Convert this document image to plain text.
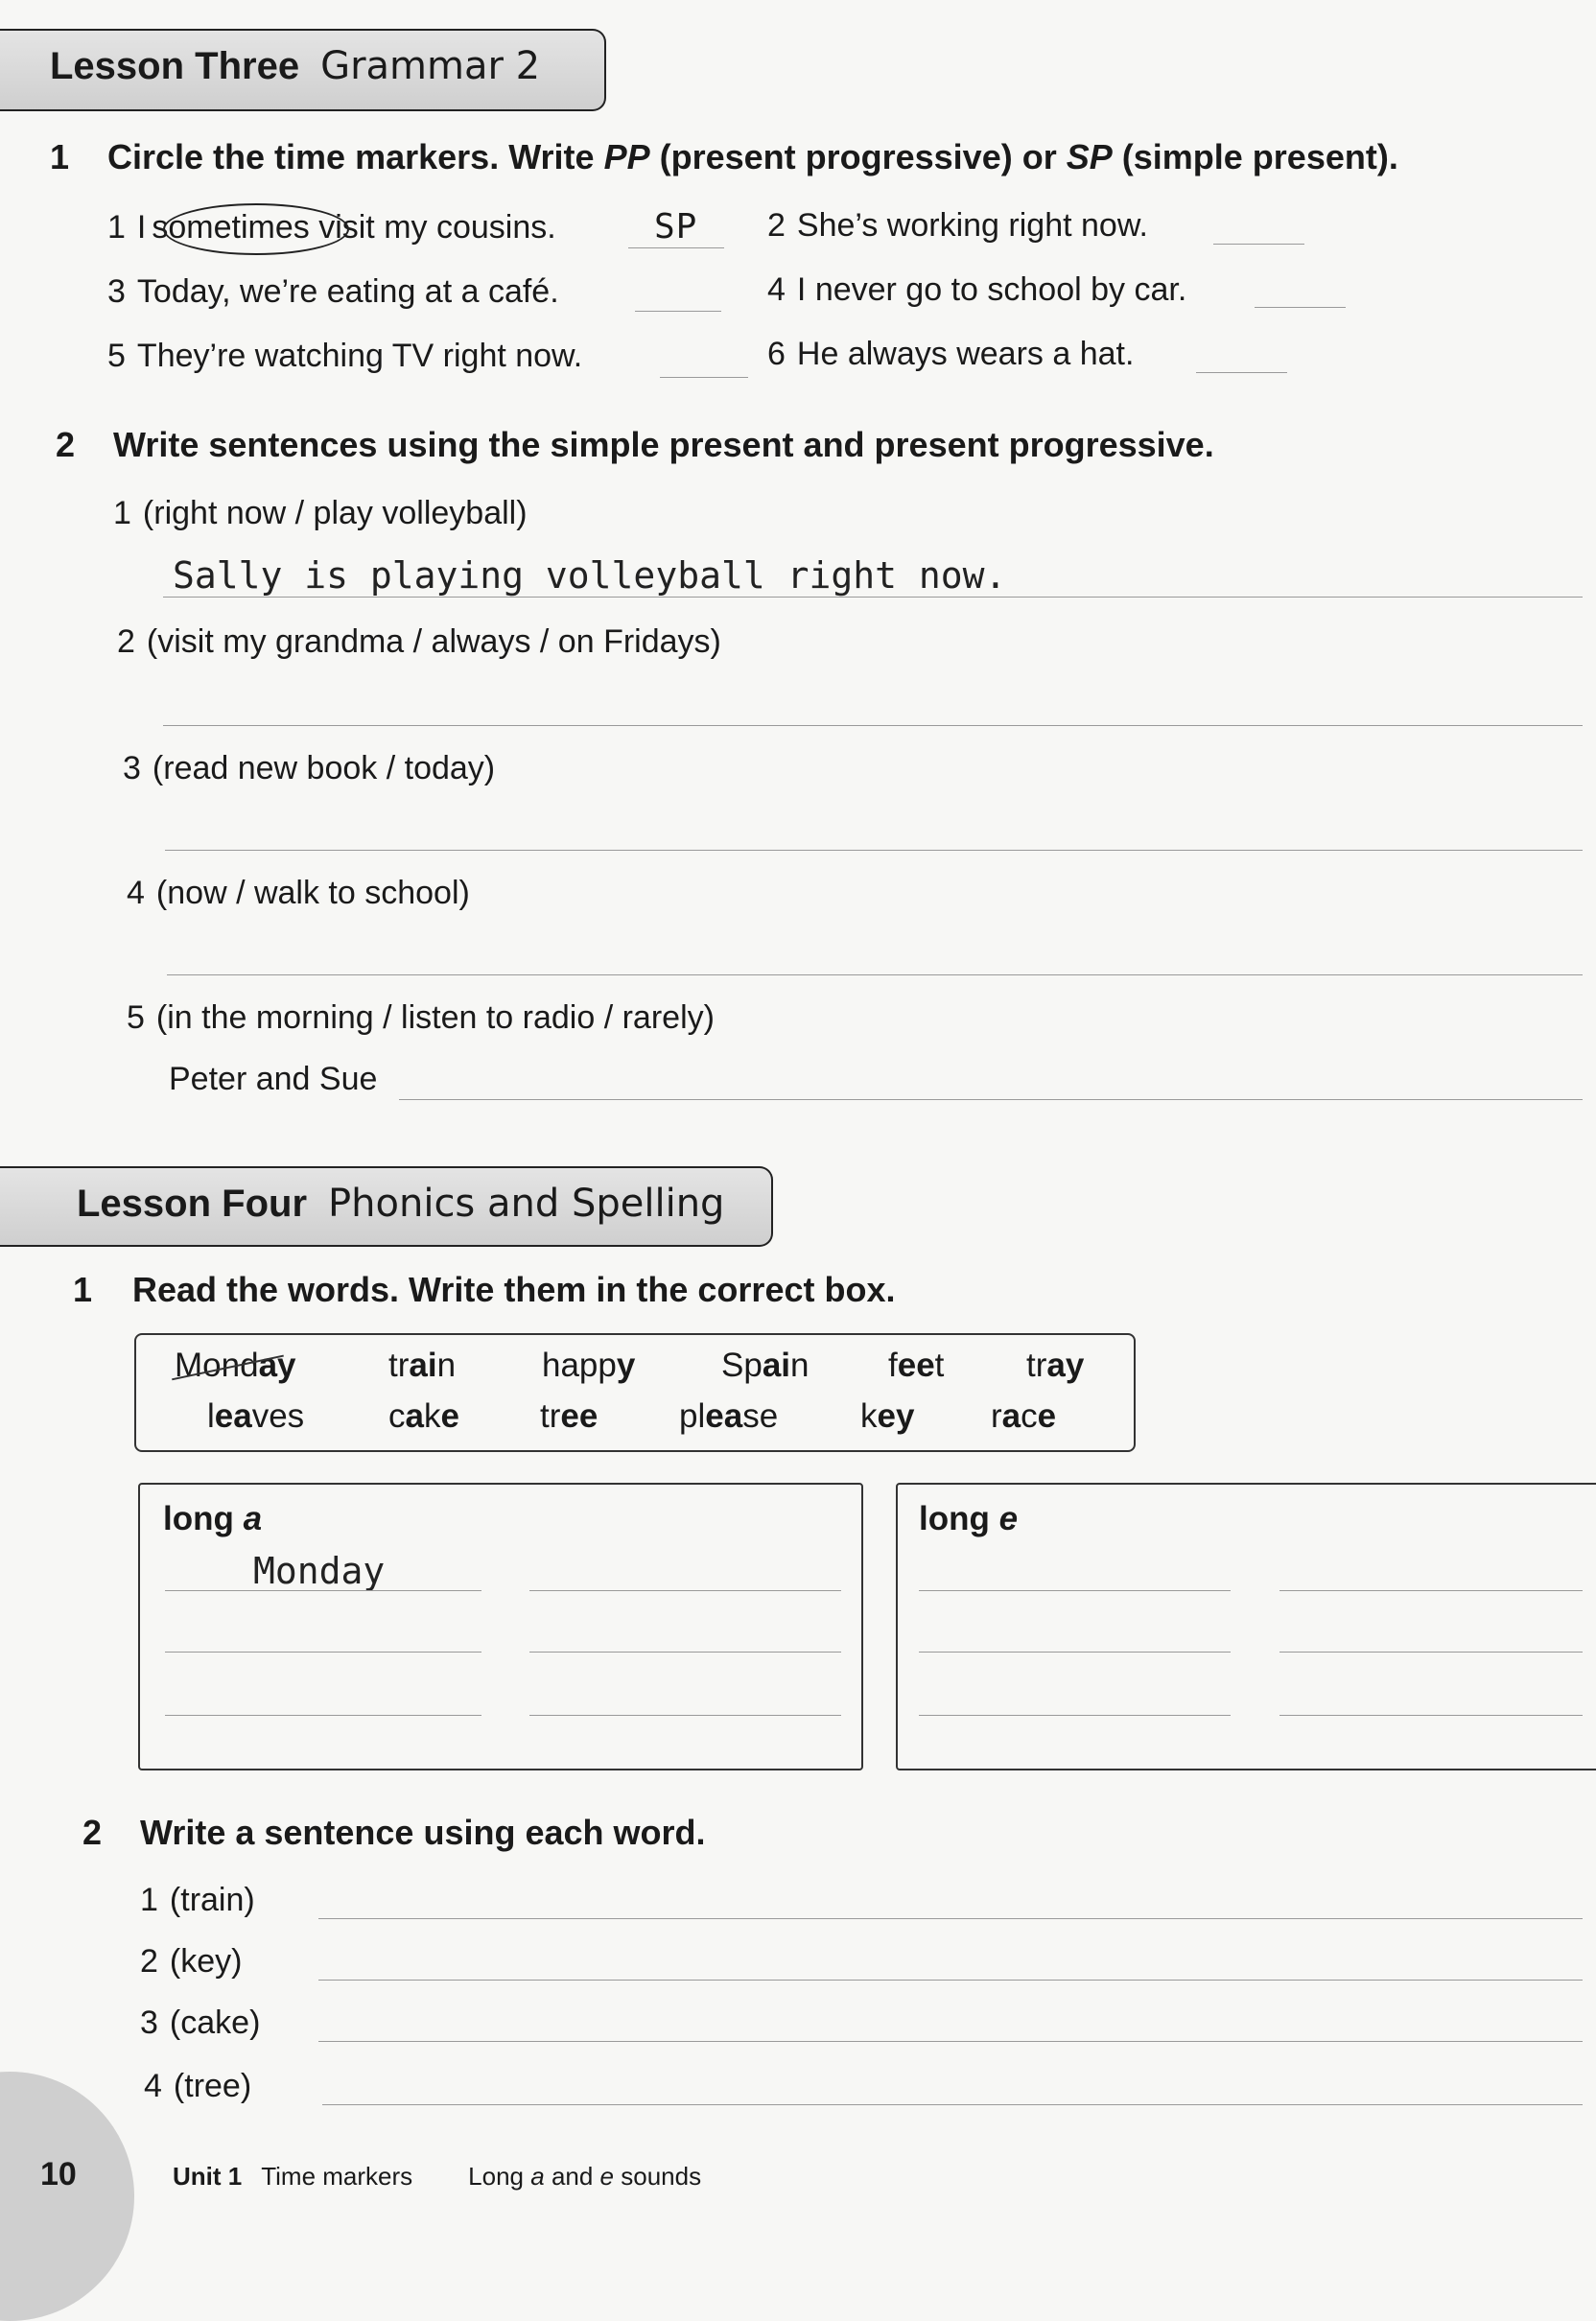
Lesson Three Grammar 2
1 Circle the time markers. Write PP (present progressive) or SP (simple present).
1 I sometimes visit my cousins.	SP 2 She’s working right now.
3 Today, we’re eating at a café.	4 I never go to school by car.
5 They’re watching TV right now.	6 He always wears a hat.
2 Write sentences using the simple present and present progressive.
1 (right now / play volleyball)
Sally is playing volleyball right now.
2 (visit my grandma / always / on Fridays)
3 (read new book / today)
4 (now / walk to school)
5 (in the morning / listen to radio / rarely)
Peter and Sue
Lesson Four Phonics and Spelling
1 Read the words. Write them in the correct box.
Monday	train	happy	Spain feet tray
leaves	cake tree please key race
long a
Monday
long e
2 Write a sentence using each word.
1 (train)
2 (key)
3 (cake)
4 (tree)
10	Unit 1 Time markers Long a and e sounds
